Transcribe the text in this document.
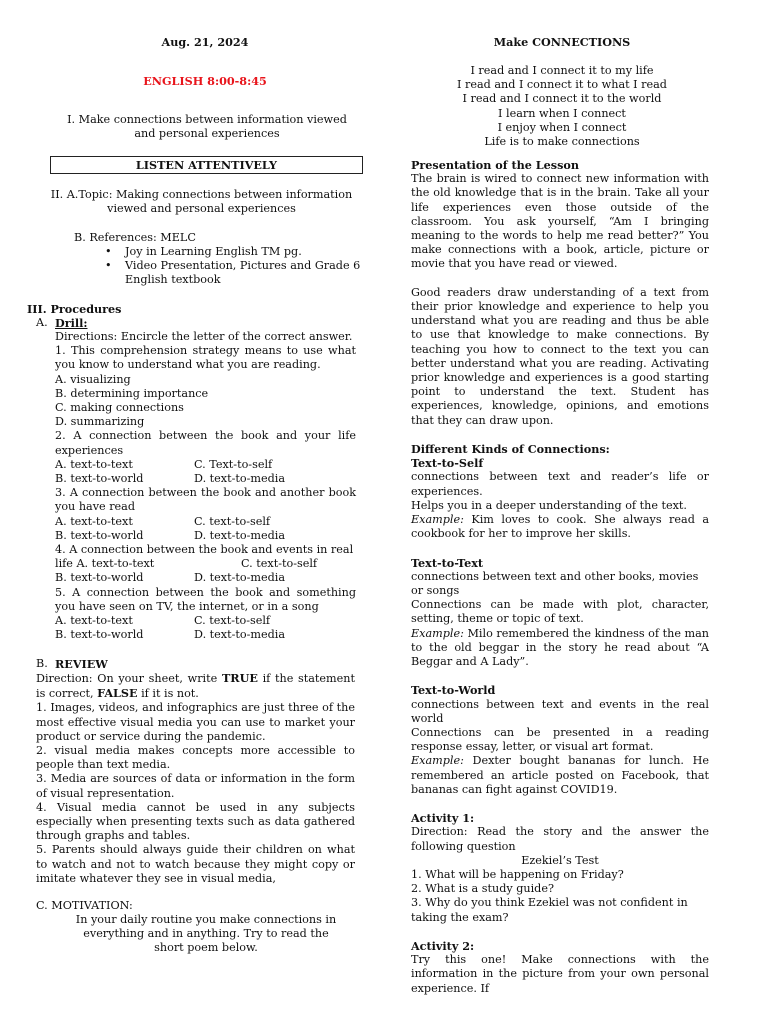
Aug. 21, 2024

ENGLISH 8:00-8:45

I. Make connections between information viewed and personal experiences

LISTEN ATTENTIVELY

II. A.Topic: Making connections between information viewed and personal experiences

B. References: MELC

• Joy in Learning English TM pg.
• Video Presentation, Pictures and Grade 6 English textbook

III. Procedures

A. Drill:

Directions: Encircle the letter of the correct answer.

1. This comprehension strategy means to use what you know to understand what you are reading.

A. visualizing

B. determining importance

C. making connections

D. summarizing

2. A connection between the book and your life experiences

A. text-to-text	C. Text-to-self
B. text-to-world	D. text-to-media

3. A connection between the book and another book you have read

A. text-to-text	C. text-to-self
B. text-to-world	D. text-to-media

4. A connection between the book and events in real

life A. text-to-text	C. text-to-self
B. text-to-world	D. text-to-media

5. A connection between the book and something you have seen on TV, the internet, or in a song

A. text-to-text	C. text-to-self
B. text-to-world	D. text-to-media

B. REVIEW

Direction: On your sheet, write TRUE if the statement is correct, FALSE if it is not.

1. Images, videos, and infographics are just three of the most effective visual media you can use to market your product or service during the pandemic.

2. visual media makes concepts more accessible to people than text media.

3. Media are sources of data or information in the form of visual representation.

4. Visual media cannot be used in any subjects especially when presenting texts such as data gathered through graphs and tables.

5. Parents should always guide their children on what to watch and not to watch because they might copy or imitate whatever they see in visual media,

C. MOTIVATION:

In your daily routine you make connections in everything and in anything. Try to read the short poem below.

Make CONNECTIONS

I read and I connect it to my life

I read and I connect it to what I read

I read and I connect it to the world

I learn when I connect

I enjoy when I connect

Life is to make connections

Presentation of the Lesson

The brain is wired to connect new information with the old knowledge that is in the brain. Take all your life experiences even those outside of the classroom. You ask yourself, “Am I bringing meaning to the words to help me read better?” You make connections with a book, article, picture or movie that you have read or viewed.

Good readers draw understanding of a text from their prior knowledge and experience to help you understand what you are reading and thus be able to use that knowledge to make connections. By teaching you how to connect to the text you can better understand what you are reading. Activating prior knowledge and experiences is a good starting point to understand the text. Student has experiences, knowledge, opinions, and emotions that they can draw upon.

Different Kinds of Connections:

Text-to-Self

connections between text and reader’s life or experiences.

Helps you in a deeper understanding of the text.

Example: Kim loves to cook. She always read a cookbook for her to improve her skills.

Text-to-Text

connections between text and other books, movies or songs

Connections can be made with plot, character, setting, theme or topic of text.

Example: Milo remembered the kindness of the man to the old beggar in the story he read about “A Beggar and A Lady”.

Text-to-World

connections between text and events in the real world

Connections can be presented in a reading response essay, letter, or visual art format.

Example: Dexter bought bananas for lunch. He remembered an article posted on Facebook, that bananas can fight against COVID19.

Activity 1:

Direction: Read the story and the answer the following question

Ezekiel’s Test

1. What will be happening on Friday?

2. What is a study guide?

3. Why do you think Ezekiel was not confident in taking the exam?

Activity 2:

Try this one! Make connections with the information in the picture from your own personal experience. If
